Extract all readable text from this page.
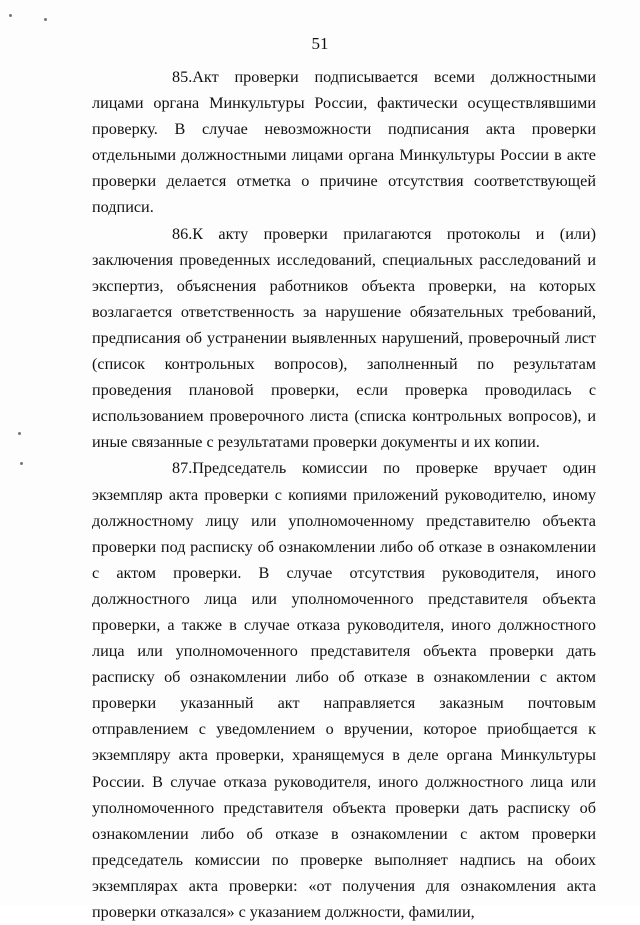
51

85.Акт проверки подписывается всеми должностными лицами органа Минкультуры России, фактически осуществлявшими проверку. В случае невозможности подписания акта проверки отдельными должностными лицами органа Минкультуры России в акте проверки делается отметка о причине отсутствия соответствующей подписи.

86.К акту проверки прилагаются протоколы и (или) заключения проведенных исследований, специальных расследований и экспертиз, объяснения работников объекта проверки, на которых возлагается ответственность за нарушение обязательных требований, предписания об устранении выявленных нарушений, проверочный лист (список контрольных вопросов), заполненный по результатам проведения плановой проверки, если проверка проводилась с использованием проверочного листа (списка контрольных вопросов), и иные связанные с результатами проверки документы и их копии.

87.Председатель комиссии по проверке вручает один экземпляр акта проверки с копиями приложений руководителю, иному должностному лицу или уполномоченному представителю объекта проверки под расписку об ознакомлении либо об отказе в ознакомлении с актом проверки. В случае отсутствия руководителя, иного должностного лица или уполномоченного представителя объекта проверки, а также в случае отказа руководителя, иного должностного лица или уполномоченного представителя объекта проверки дать расписку об ознакомлении либо об отказе в ознакомлении с актом проверки указанный акт направляется заказным почтовым отправлением с уведомлением о вручении, которое приобщается к экземпляру акта проверки, хранящемуся в деле органа Минкультуры России. В случае отказа руководителя, иного должностного лица или уполномоченного представителя объекта проверки дать расписку об ознакомлении либо об отказе в ознакомлении с актом проверки председатель комиссии по проверке выполняет надпись на обоих экземплярах акта проверки: «от получения для ознакомления акта проверки отказался» с указанием должности, фамилии,
